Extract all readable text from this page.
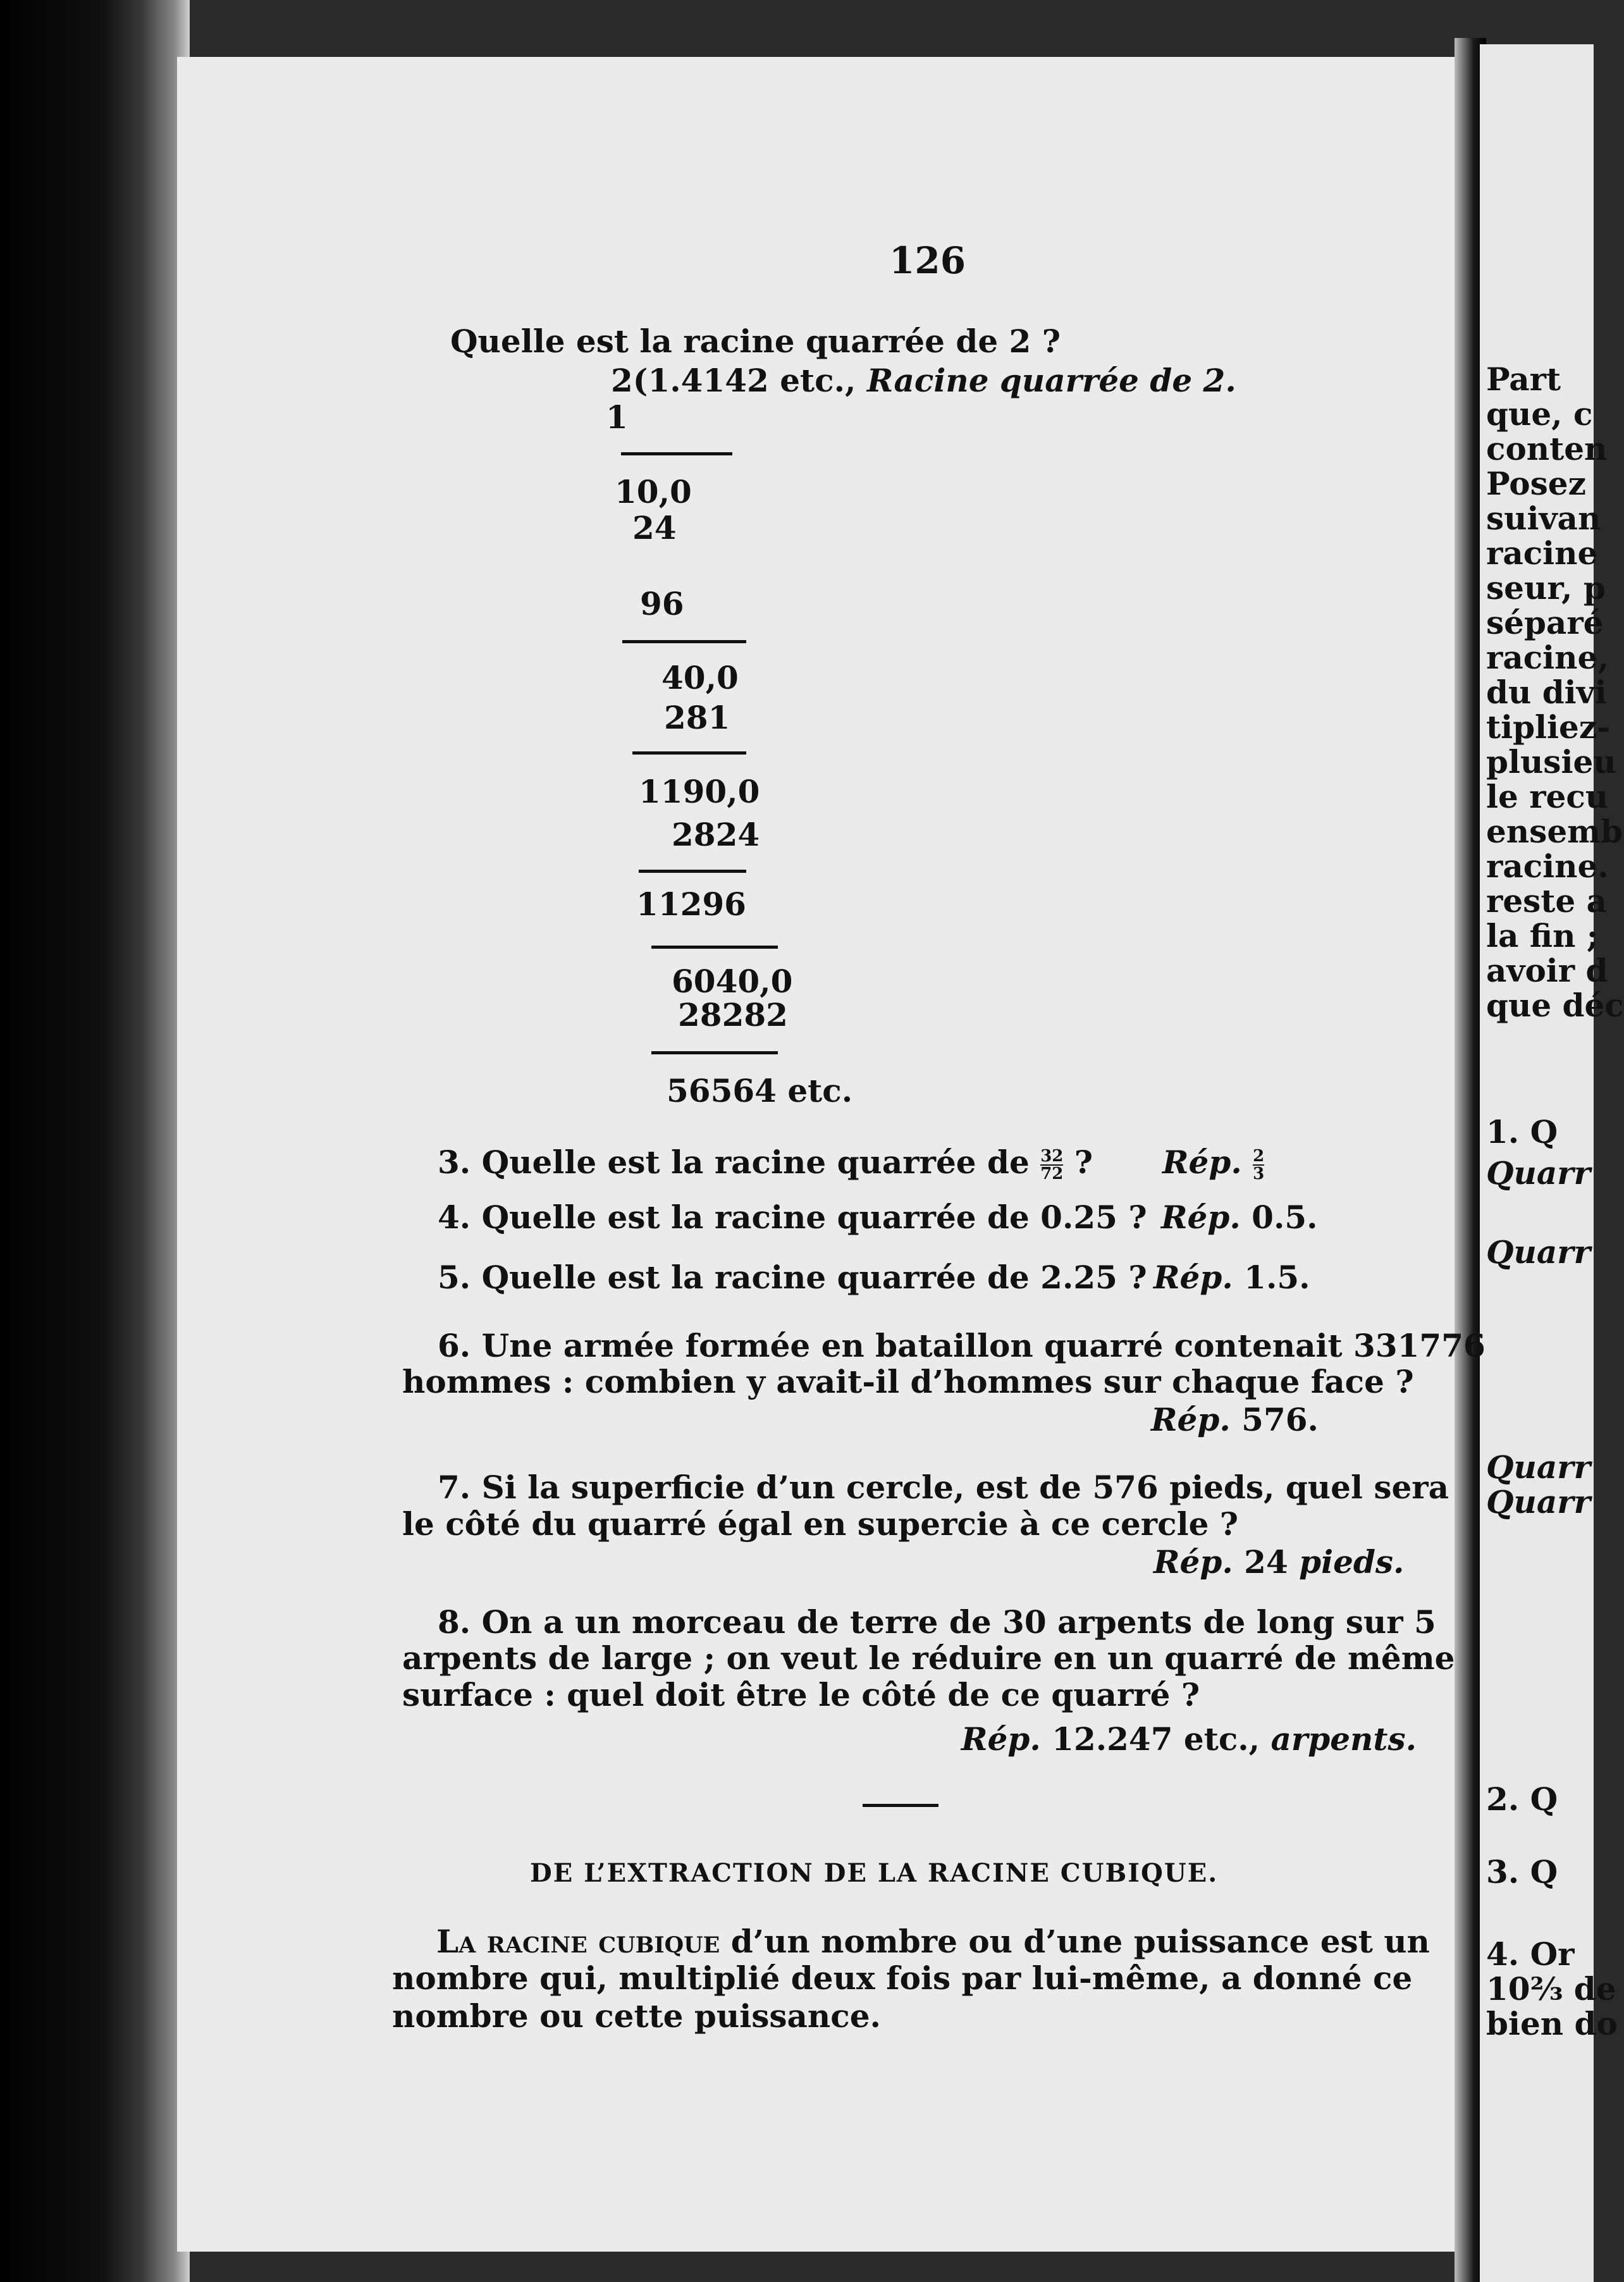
Part
que, c
conten
Posez
suivan
racine
seur, p
séparé
racine,
du divi
tipliez-
plusieu
le recu
ensemb
racine.
reste a
la fin ;
avoir d
que déc
1. Q
Quarr
Quarr
Quarr
Quarr
2. Q
3. Q
4. Or
10⅔ de
bien do
126
Quelle est la racine quarrée de 2 ?
2(1.4142 etc., Racine quarrée de 2.
1
10,0
24
96
40,0
281
1190,0
2824
11296
6040,0
28282
56564 etc.
3. Quelle est la racine quarrée de $\frac{32}{72}$ ? Rép. $\frac{2}{3}$
4. Quelle est la racine quarrée de 0.25 ? Rép. 0.5.
5. Quelle est la racine quarrée de 2.25 ? Rép. 1.5.
6. Une armée formée en bataillon quarré contenait 331776
hommes : combien y avait-il d’hommes sur chaque face ?
Rép. 576.
7. Si la superficie d’un cercle, est de 576 pieds, quel sera
le côté du quarré égal en supercie à ce cercle ?
Rép. 24 pieds.
8. On a un morceau de terre de 30 arpents de long sur 5
arpents de large ; on veut le réduire en un quarré de même
surface : quel doit être le côté de ce quarré ?
Rép. 12.247 etc., arpents.
DE L’EXTRACTION DE LA RACINE CUBIQUE.
La racine cubique d’un nombre ou d’une puissance est un
nombre qui, multiplié deux fois par lui-même, a donné ce
nombre ou cette puissance.
